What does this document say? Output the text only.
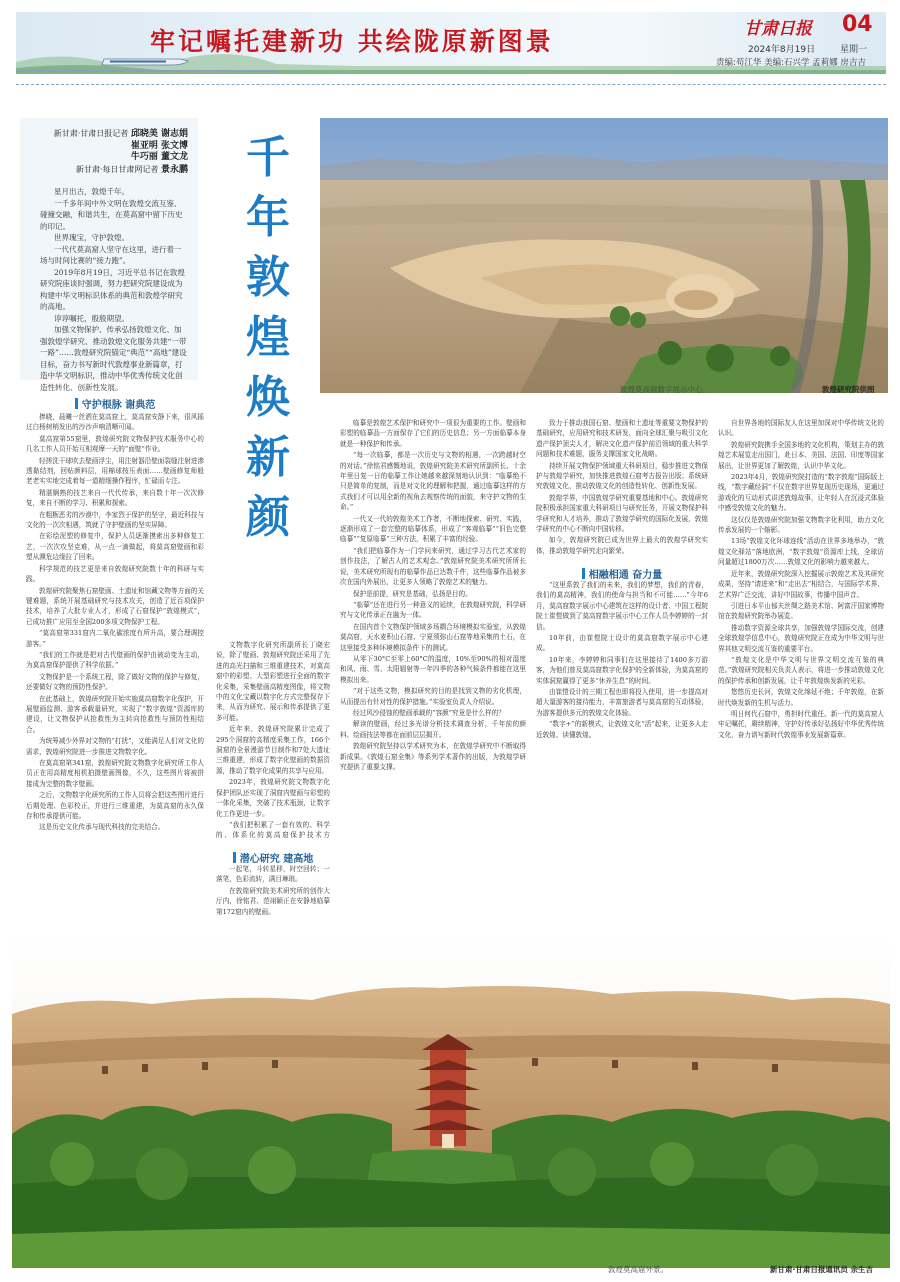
牢记嘱托建新功 共绘陇原新图景	甘肃日报 04
2024年8月19日	星期一
责编:苟江华 美编:石兴学 孟莉娜 房吉吉
新甘肃·甘肃日报记者 邱晓美 谢志娟
崔亚明 张文博
牛巧丽 董文龙
新甘肃·每日甘肃网记者 景永鹏

星月出古，敦煌千年。

一千多年间中外文明在敦煌交流互鉴、碰撞交融，和谐共生，在莫高窟中留下历史的印记。

世界瑰宝，守护敦煌。

一代代莫高窟人坚守在这里，进行着一场与时间比赛的“接力跑”。

2019年8月19日，习近平总书记在敦煌研究院座谈时强调，努力把研究院建设成为构建中华文明标识体系的典范和敦煌学研究的高地。

谆谆嘱托，殷殷期望。

加强文物保护、传承弘扬敦煌文化、加强敦煌学研究、推动敦煌文化服务共建“一带一路”……敦煌研究院锚定“典范”“高地”建设目标，奋力书写新时代敦煌事业新篇章，打造中华文明标识，推动中华优秀传统文化创造性转化、创新性发展。

千
年
敦
煌
焕
新
颜
敦煌莫高窟数字展示中心。	敦煌研究院供图
守护根脉 谢典范

捧晓，晨曦一丝洒在莫高窟上，莫高窟安静下来，很风摇过白杨树梢发出的沙沙声响清晰可闻。

莫高窟第55窟里，敦煌研究院文物保护技术服务中心的几名工作人员开始互相观摩一天的“面壁”作业。

轻搓洗干球吹去壁画浮尘，用注射器沿壁面裂缝注射进渗透黏结剂，回贴颜料层，用棉球按压表面……壁画修复师般老老实实地完成着每一道精细操作程序，忙碌而专注。

精湛娴熟的技艺来自一代代传承，来自数十年一次次修复，来自不断的学习、积累和探索。

在粗粝恶劣的沙漠中，李家烈于保护的坚守，最近科技与文化的一次次相遇，筑就了守护壁画的坚实屏障。

在彩绘泥塑的修复中，保护人员逐渐摸索出多种修复工艺，一次次攻坚克难，从一点一滴做起，将莫高窟壁画和彩塑从濒危边缘拉了回来。

科学规范的技艺更是来自敦煌研究院数十年的科研与实践。

敦煌研究院聚焦石窟壁画、土遗址和馆藏文物等方面的关键难题，系统开展基础研究与技术攻关，创造了近百项保护技术，培养了大批专业人才，形成了石窟保护“敦煌模式”，已成功推广应用至全国200多项文物保护工程。

“莫高窟第331窟内二氧化碳浓度有所升高，要合理调控游客。”

“我们的工作就是把对古代壁画的保护由被动变为主动，为莫高窟保护提供了科学依据。”

文物保护是一个系统工程，除了做好文物的保护与修复，还要做好文物的预防性保护。

在此基础上，敦煌研究院开始实施莫高窟数字化保护，开展壁画监测、游客承载量研究，实现了“数字敦煌”资源库的建设，让文物保护从抢救性为主转向抢救性与预防性相结合。

为统筹减少外界对文物的“打扰”，又能满足人们对文化的需求，敦煌研究院进一步推进文物数字化。

在莫高窟第341窟，敦煌研究院文物数字化研究所工作人员正在用高精度相机拍摄壁画图像，不久，这些图片将被拼接成为完整的数字壁画。

之后，文物数字化研究所的工作人员将会把这些图片进行后期处理、色彩校正，并进行三维重建，为莫高窟的永久保存和传承提供可能。

这是历史文化传承与现代科技的完美结合。

文物数字化研究所副所长丁晓宏说，除了壁画、敦煌研究院还采用了先进的高光扫描和三维重建技术，对莫高窟中的彩塑、大型彩塑进行全面的数字化采集，采集壁画高精度图像，将文物中的文化宝藏以数字化方式完整保存下来，从而为研究、展示和传承提供了更多可能。

近年来，敦煌研究院累计完成了295个洞窟的高精度采集工作，166个洞窟的全景漫游节目制作和7处大遗址三维重建，形成了数字化壁画的数据资源，推动了数字化成果的共享与应用。

2023年，敦煌研究院文物数字化保护团队还实现了洞窟内壁画与彩塑的一体化采集，突破了技术瓶颈，让数字化工作更进一步。

“我们把积累了一套有效的、科学的、体系化的莫高窟保护技术方

潜心研究 建高地

一起笔，斗转星移，时空回转；一落笔，色彩流转，满目琳琅。

在敦煌研究院美术研究所的创作大厅内，徐铭君、范翊颖正在安静地临摹第172窟内的壁画。

临摹是敦煌艺术保护和研究中一项很为重要的工作。壁画和彩塑的临摹品一方面保存了它们的历史信息；另一方面临摹本身就是一种保护和传承。

“每一次临摹，都是一次历史与文物的相遇，一次跨越时空的对话。”徐铭君感慨地说，敦煌研究院美术研究所副所长、十余年里日复一日的临摹工作让她越来越深刻地认识到：“临摹绝不只是简单的复制，而是对文化的理解和把握，通过临摹这样的方式我们才可以用全新的视角去观察传统的面貌，来守护文物的生命。”

一代又一代的敦煌美术工作者，不断地探索、研究、实践，逐渐形成了一套完整的临摹体系，形成了“客观临摹”“旧色完整临摹”“复原临摹”三种方法，积累了丰富的经验。

“我们把临摹作为一门学问来研究，通过学习古代艺术家的创作技法，了解古人的艺术观念。”敦煌研究院美术研究所所长说，美术研究所现有的临摹作品已达数千件，这些临摹作品被多次在国内外展出，让更多人领略了敦煌艺术的魅力。

保护是前提，研究是基础，弘扬是目的。

“临摹”还在进行另一种意义的延续，在敦煌研究院，科学研究与文化传承正在融为一体。

在国内首个文物保护领域多场耦合环境模拟实验室，从敦煌莫高窟，天水麦积山石窟、宁夏须弥山石窟等地采集的土石，在这里接受多种环境模拟条件下的测试。

从零下30°C至零上60°C的温度，10%至90%的相对湿度和风、雨、雪、太阳辐射等一年四季的各种气候条件都能在这里模拟出来。

“对于这些文物，模拟研究的目的是找到文物的劣化机理，从而提出有针对性的保护措施。”实验室负责人介绍说。

经过风沙侵蚀的壁画承载的“容颜”究竟是什么样的？

解读的壁画，经过多光谱分析技术调查分析，千年前的颜料、绘画技法等都在面前层层揭开。

敦煌研究院坚持以学术研究为本，在敦煌学研究中不断取得新成果。《敦煌石窟全集》等系列学术著作的出版，为敦煌学研究提供了重要支撑。

致力于推动我国石窟、壁画和土遗址等重要文物保护的基础研究，应用研究和技术研发，面向全球汇聚与吸引文化遗产保护顶尖人才，解决文化遗产保护前沿领域的重大科学问题和技术难题，服务支撑国家文化战略。

持续开展文物保护领域重大科研项目，稳步推进文物保护与敦煌学研究，加快推进敦煌石窟考古报告出版；系统研究敦煌文化，推动敦煌文化的创造性转化、创新性发展。

敦煌学界，中国敦煌学研究重要基地和中心。敦煌研究院积极承担国家重大科研项目与研究任务，开展文物保护科学研究和人才培养，推动了敦煌学研究的国际化发展，敦煌学研究的中心不断向中国转移。

如今，敦煌研究院已成为世界上最大的敦煌学研究实体，推动敦煌学研究走向繁荣。

相融相通 奋力量

“这里系敦了我们的未来，我们的梦想，我们的青春，我们的莫高精神，我们的使命与担当和不可能……”今年6月，莫高窟数字展示中心建筑在这样的设计者、中国工程院院士崔愷做到了莫高窟数字展示中心工作人员李婷婷的一封信。

10年前，由崔愷院士设计的莫高窟数字展示中心建成。

10年来，李婷婷和同事们在这里接待了1400多万游客，为他们普及莫高窟数字化保护的全新体验，为莫高窟的实体洞窟赢得了更多“休养生息”的时间。

由崔愷设计的三期工程也即将投入使用，进一步提高对超大量游客的接待能力，丰富旅游者与莫高窟的互动体验，为游客提供多元的敦煌文化体验。

“数字+”的新模式，让敦煌文化“活”起来，让更多人走近敦煌、读懂敦煌。

自世界各地的国际友人在这里加深对中华传统文化的认识。

敦煌研究院携手全国多地的文化机构，策划主办的敦煌艺术展览走出国门，赴日本、美国、法国、印度等国家展出，让世界更加了解敦煌，认识中华文化。

2023年4月，敦煌研究院打造的“数字敦煌”国际版上线，“数字藏经洞”不仅在数字世界复现历史现场，更通过游戏化的互动形式讲述敦煌故事，让年轻人在沉浸式体验中感受敦煌文化的魅力。

这仅仅是敦煌研究院加强文物数字化利用，助力文化传承发展的一个缩影。

13场“敦煌文化环球连线”活动在世界多地举办，“敦煌文化驿站”落地欧洲，“数字敦煌”资源库上线，全球访问量超过1800万次……敦煌文化的影响力越来越大。

近年来，敦煌研究院深入挖掘展示敦煌艺术及其研究成果，坚持“请进来”和“走出去”相结合，与国际学术界、艺术界广泛交流，讲好中国故事，传播中国声音。

引进日本平山郁夫丝绸之路美术馆、阿富汗国家博物馆在敦煌研究院举办展览。

推动数字资源全球共享，加强敦煌学国际交流，创建全球敦煌学信息中心，敦煌研究院正在成为中华文明与世界其他文明交流互鉴的重要平台。

“敦煌文化是中华文明与世界文明交流互鉴的典范。”敦煌研究院相关负责人表示，将进一步推动敦煌文化的保护传承和创新发展，让千年敦煌焕发新的光彩。

悠悠历史长河，敦煌文化绵延不绝；千年敦煌，在新时代焕发新的生机与活力。

明日何代石窟中，勇担时代重任。新一代的莫高窟人牢记嘱托，赓续精神，守护好传承好弘扬好中华优秀传统文化，奋力谱写新时代敦煌事业发展新篇章。

敦煌莫高窟外景。	新甘肃·甘肃日报通讯员 余生吉
